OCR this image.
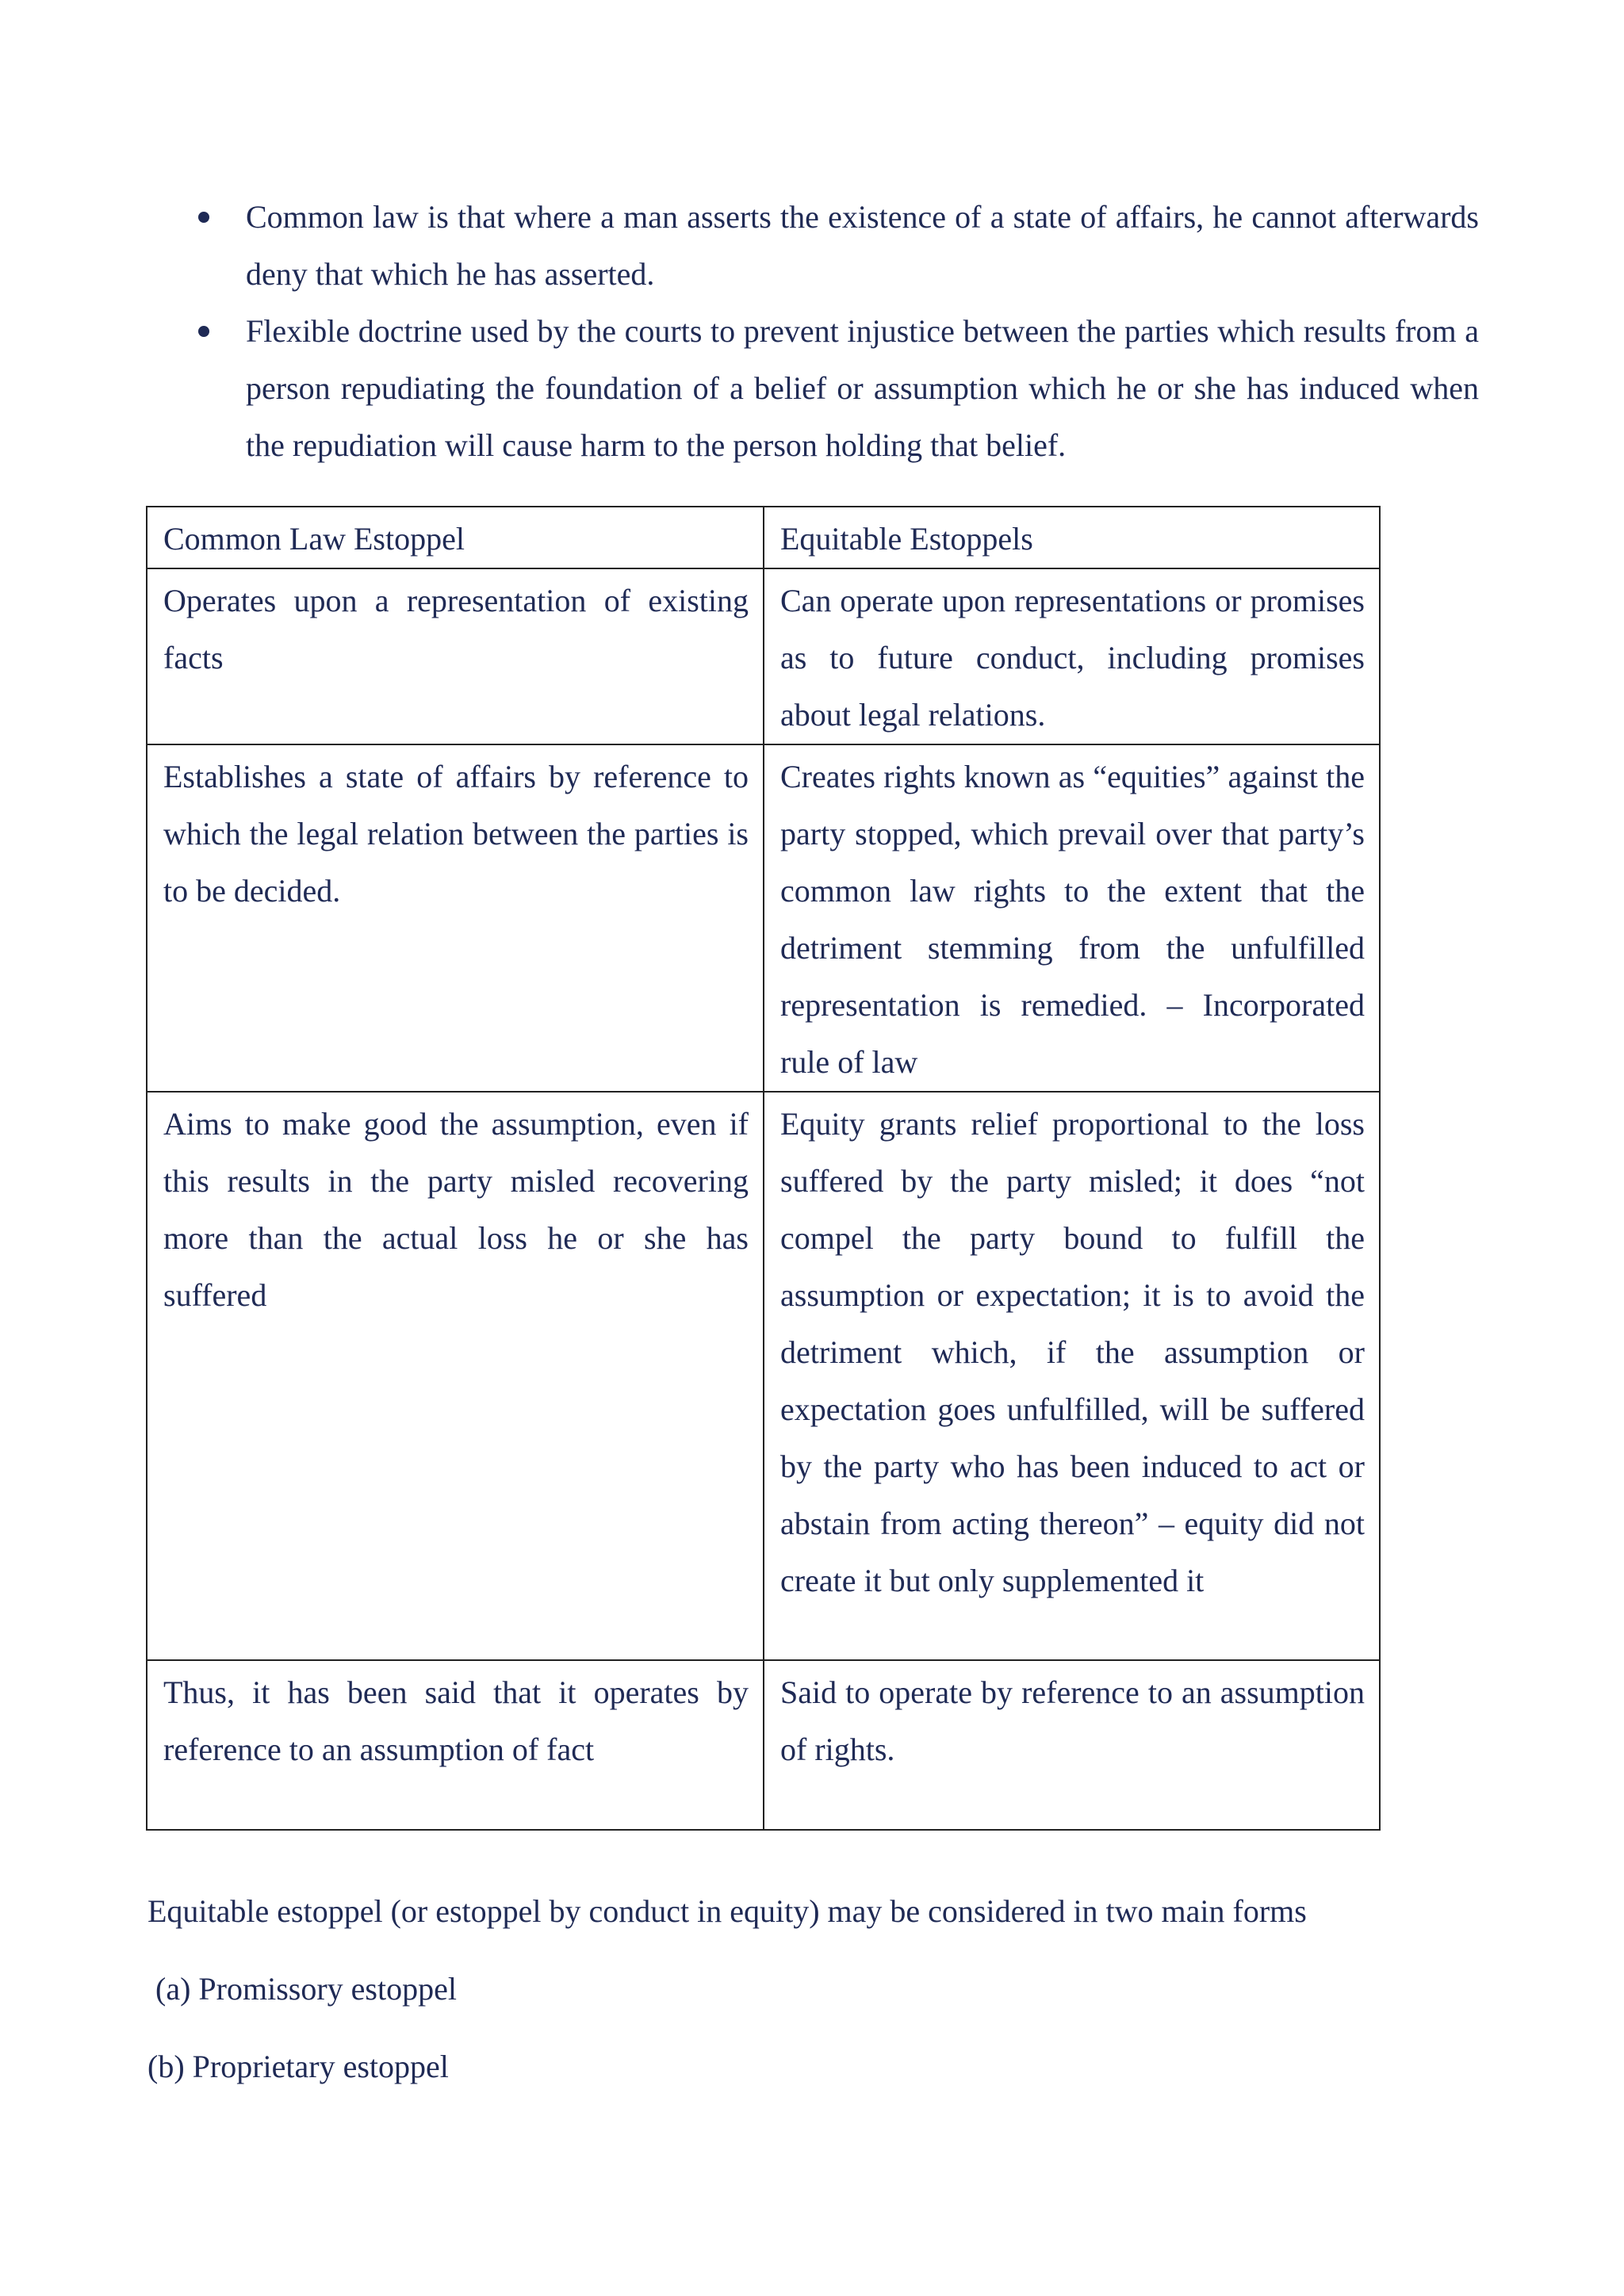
Common law is that where a man asserts the existence of a state of affairs, he cannot afterwards deny that which he has asserted.
Flexible doctrine used by the courts to prevent injustice between the parties which results from a person repudiating the foundation of a belief or assumption which he or she has induced when the repudiation will cause harm to the person holding that belief.
Common Law Estoppel	Equitable Estoppels
Operates upon a representation of existing facts	Can operate upon representations or promises as to future conduct, including promises about legal relations.
Establishes a state of affairs by reference to which the legal relation between the parties is to be decided.	Creates rights known as “equities” against the party stopped, which prevail over that party’s common law rights to the extent that the detriment stemming from the unfulfilled representation is remedied. – Incorporated rule of law
Aims to make good the assumption, even if this results in the party misled recovering more than the actual loss he or she has suffered	Equity grants relief proportional to the loss suffered by the party misled; it does “not compel the party bound to fulfill the assumption or expectation; it is to avoid the detriment which, if the assumption or expectation goes unfulfilled, will be suffered by the party who has been induced to act or abstain from acting thereon” – equity did not create it but only supplemented it
Thus, it has been said that it operates by reference to an assumption of fact	Said to operate by reference to an assumption of rights.

Equitable estoppel (or estoppel by conduct in equity) may be considered in two main forms

(a) Promissory estoppel

(b) Proprietary estoppel
